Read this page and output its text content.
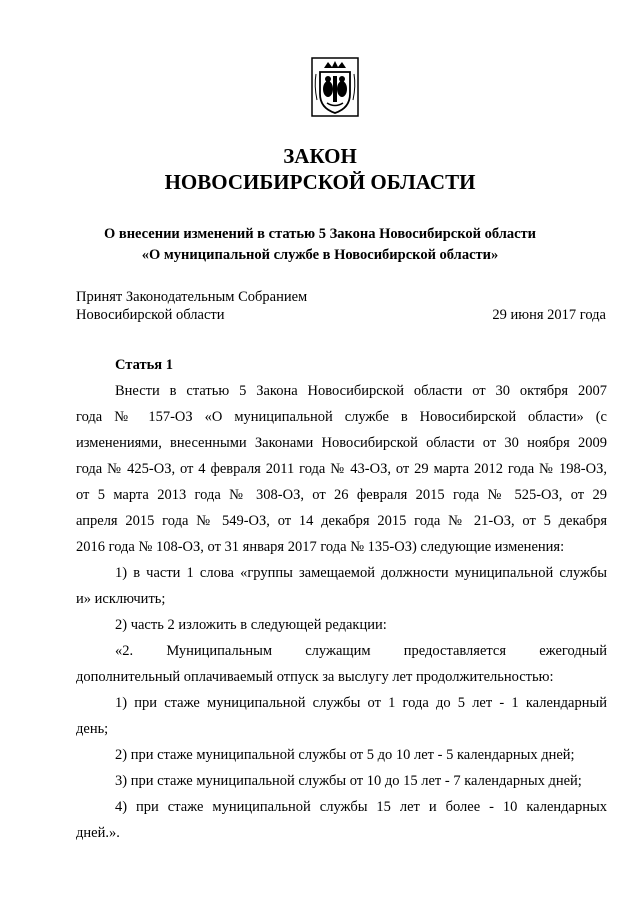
ЗАКОН
НОВОСИБИРСКОЙ ОБЛАСТИ
О внесении изменений в статью 5 Закона Новосибирской области
«О муниципальной службе в Новосибирской области»
Принят Законодательным Собранием
Новосибирской области	29 июня 2017 года
Статья 1
Внести в статью 5 Закона Новосибирской области от 30 октября 2007
года № 157-ОЗ «О муниципальной службе в Новосибирской области» (с
изменениями, внесенными Законами Новосибирской области от 30 ноября 2009
года № 425-ОЗ, от 4 февраля 2011 года № 43-ОЗ, от 29 марта 2012 года № 198-ОЗ,
от 5 марта 2013 года № 308-ОЗ, от 26 февраля 2015 года № 525-ОЗ, от 29
апреля 2015 года № 549-ОЗ, от 14 декабря 2015 года № 21-ОЗ, от 5 декабря
2016 года № 108-ОЗ, от 31 января 2017 года № 135-ОЗ) следующие изменения:
1) в части 1 слова «группы замещаемой должности муниципальной службы
и» исключить;
2) часть 2 изложить в следующей редакции:
«2. Муниципальным служащим предоставляется ежегодный
дополнительный оплачиваемый отпуск за выслугу лет продолжительностью:
1) при стаже муниципальной службы от 1 года до 5 лет - 1 календарный
день;
2) при стаже муниципальной службы от 5 до 10 лет - 5 календарных дней;
3) при стаже муниципальной службы от 10 до 15 лет - 7 календарных дней;
4) при стаже муниципальной службы 15 лет и более - 10 календарных
дней.».
